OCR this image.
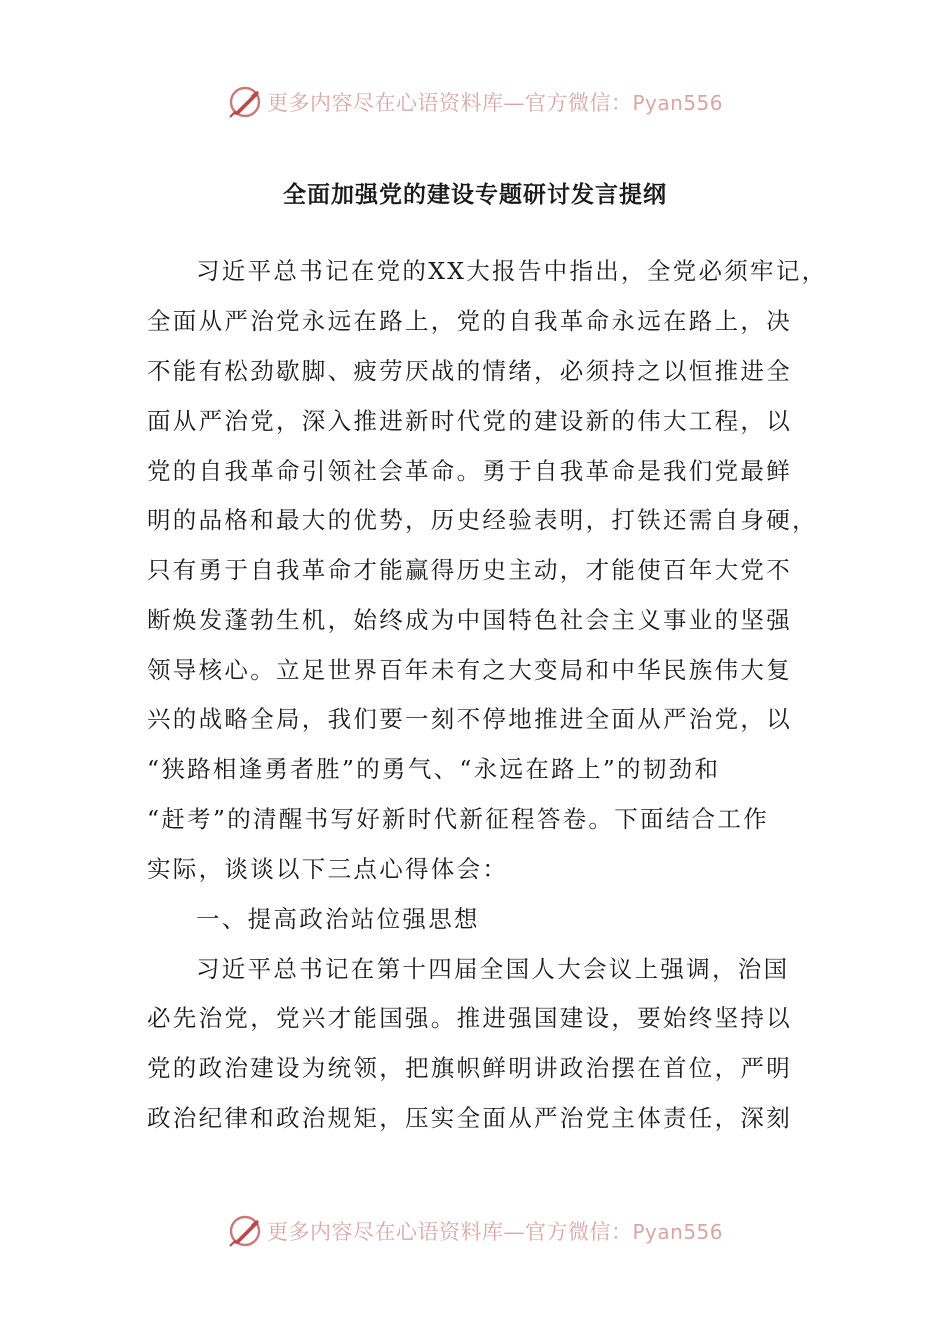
更多内容尽在心语资料库—官方微信：Pyan556
全面加强党的建设专题研讨发言提纲
习近平总书记在党的XX大报告中指出，全党必须牢记，
全面从严治党永远在路上，党的自我革命永远在路上，决
不能有松劲歇脚、疲劳厌战的情绪，必须持之以恒推进全
面从严治党，深入推进新时代党的建设新的伟大工程，以
党的自我革命引领社会革命。勇于自我革命是我们党最鲜
明的品格和最大的优势，历史经验表明，打铁还需自身硬，
只有勇于自我革命才能赢得历史主动，才能使百年大党不
断焕发蓬勃生机，始终成为中国特色社会主义事业的坚强
领导核心。立足世界百年未有之大变局和中华民族伟大复
兴的战略全局，我们要一刻不停地推进全面从严治党，以
“狭路相逢勇者胜”的勇气、“永远在路上”的韧劲和
“赶考”的清醒书写好新时代新征程答卷。下面结合工作
实际，谈谈以下三点心得体会：
一、提高政治站位强思想
习近平总书记在第十四届全国人大会议上强调，治国
必先治党，党兴才能国强。推进强国建设，要始终坚持以
党的政治建设为统领，把旗帜鲜明讲政治摆在首位，严明
政治纪律和政治规矩，压实全面从严治党主体责任，深刻
更多内容尽在心语资料库—官方微信：Pyan556
